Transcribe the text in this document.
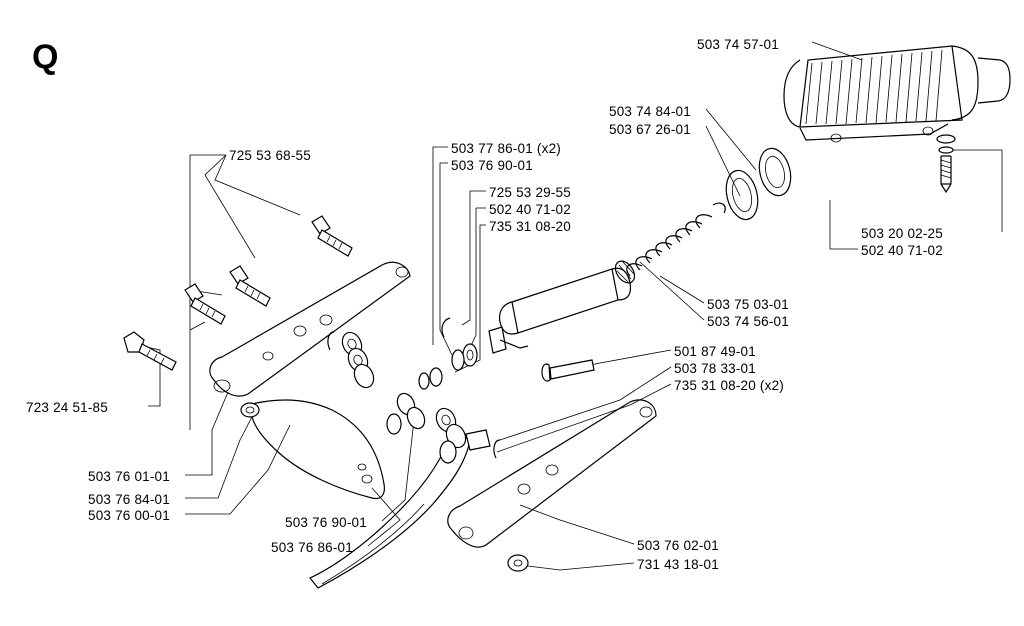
Q	503 74 57-01
503 74 84-01
503 67 26-01
503 77 86-01 (x2)
503 76 90-01
725 53 68-55
725 53 29-55
502 40 71-02
735 31 08-20	503 20 02-25
502 40 71-02
503 75 03-01
503 74 56-01
501 87 49-01
503 78 33-01
735 31 08-20 (x2)
723 24 51-85
503 76 01-01
503 76 84-01
503 76 00-01	503 76 90-01
503 76 86-01	503 76 02-01
731 43 18-01
